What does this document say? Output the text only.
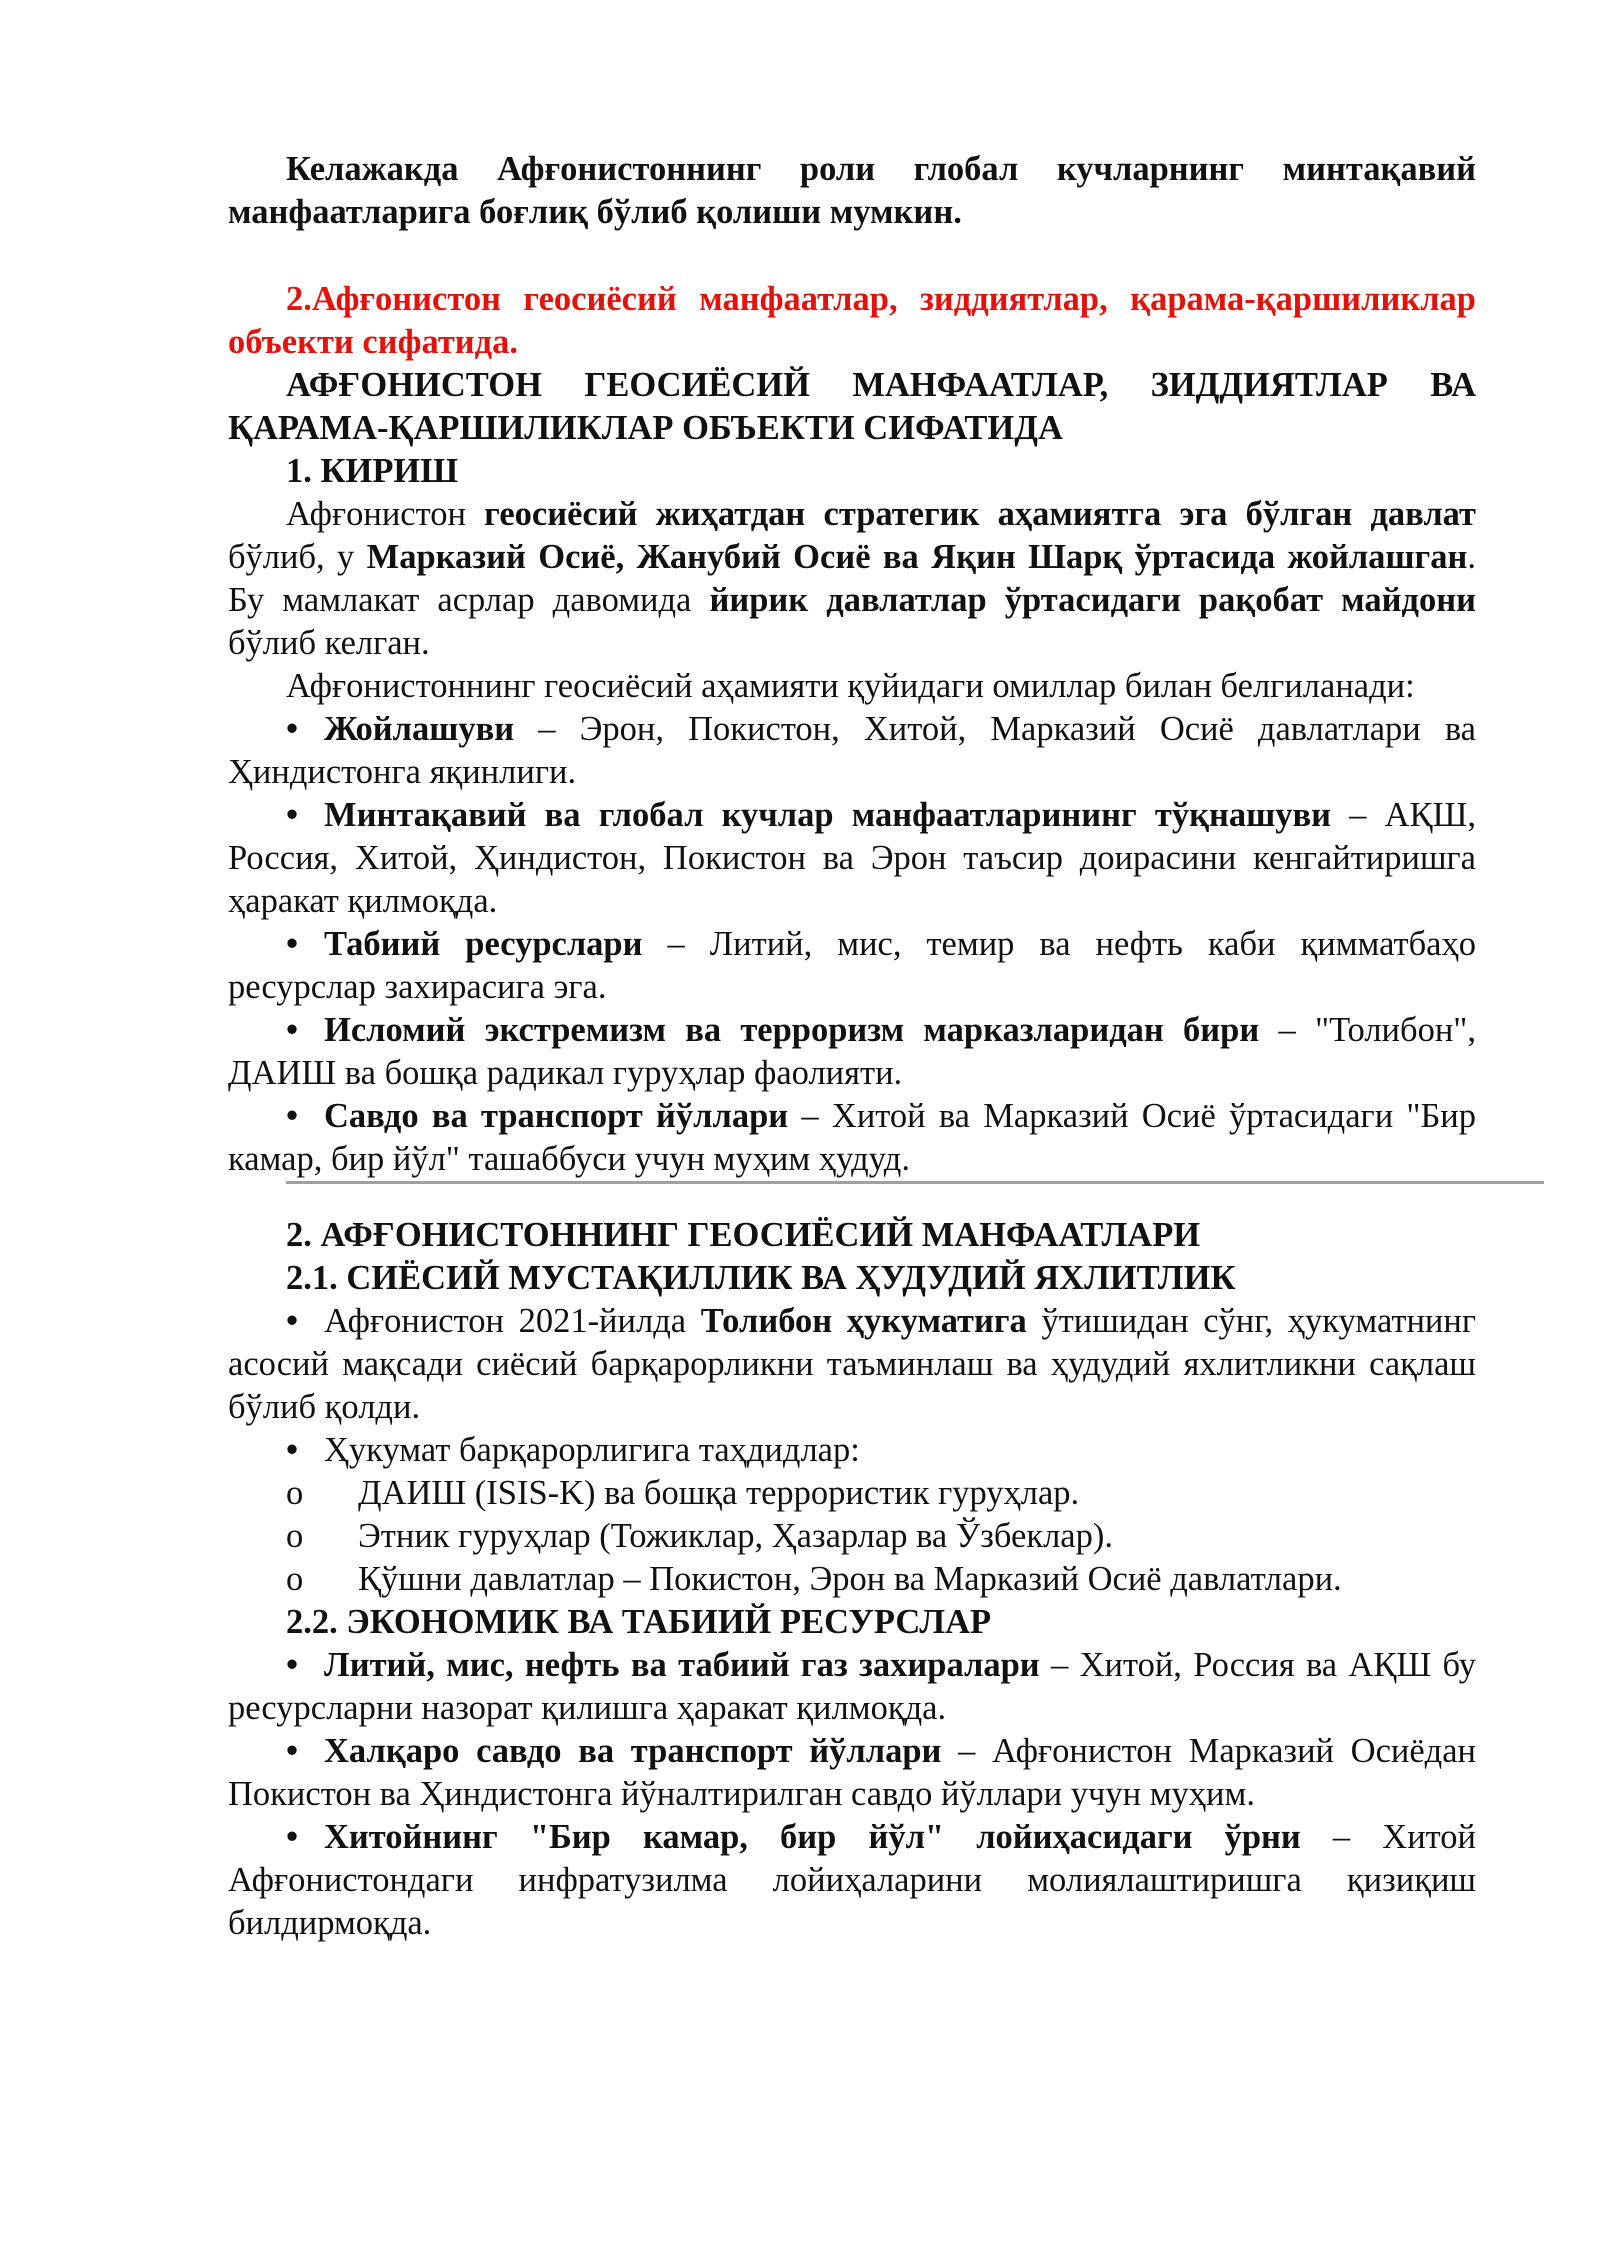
Келажакда Афғонистоннинг роли глобал кучларнинг минтақавий манфаатларига боғлиқ бўлиб қолиши мумкин.

2.Афғонистон геосиёсий манфаатлар, зиддиятлар, қарама-қаршиликлар объекти сифатида.

АФҒОНИСТОН ГЕОСИЁСИЙ МАНФААТЛАР, ЗИДДИЯТЛАР ВА ҚАРАМА-ҚАРШИЛИКЛАР ОБЪЕКТИ СИФАТИДА

1. КИРИШ

Афғонистон геосиёсий жиҳатдан стратегик аҳамиятга эга бўлган давлат бўлиб, у Марказий Осиё, Жанубий Осиё ва Яқин Шарқ ўртасида жойлашган. Бу мамлакат асрлар давомида йирик давлатлар ўртасидаги рақобат майдони бўлиб келган.

Афғонистоннинг геосиёсий аҳамияти қуйидаги омиллар билан белгиланади:

• Жойлашуви – Эрон, Покистон, Хитой, Марказий Осиё давлатлари ва Ҳиндистонга яқинлиги.

• Минтақавий ва глобал кучлар манфаатларининг тўқнашуви – АҚШ, Россия, Хитой, Ҳиндистон, Покистон ва Эрон таъсир доирасини кенгайтиришга ҳаракат қилмоқда.

• Табиий ресурслари – Литий, мис, темир ва нефть каби қимматбаҳо ресурслар захирасига эга.

• Исломий экстремизм ва терроризм марказларидан бири – "Толибон", ДАИШ ва бошқа радикал гуруҳлар фаолияти.

• Савдо ва транспорт йўллари – Хитой ва Марказий Осиё ўртасидаги "Бир камар, бир йўл" ташаббуси учун муҳим ҳудуд.

2. АФҒОНИСТОННИНГ ГЕОСИЁСИЙ МАНФААТЛАРИ

2.1. СИЁСИЙ МУСТАҚИЛЛИК ВА ҲУДУДИЙ ЯХЛИТЛИК

• Афғонистон 2021-йилда Толибон ҳукуматига ўтишидан сўнг, ҳукуматнинг асосий мақсади сиёсий барқарорликни таъминлаш ва ҳудудий яхлитликни сақлаш бўлиб қолди.

• Ҳукумат барқарорлигига таҳдидлар:

o ДАИШ (ISIS-K) ва бошқа террористик гуруҳлар.

o Этник гуруҳлар (Тожиклар, Ҳазарлар ва Ўзбеклар).

o Қўшни давлатлар – Покистон, Эрон ва Марказий Осиё давлатлари.

2.2. ЭКОНОМИК ВА ТАБИИЙ РЕСУРСЛАР

• Литий, мис, нефть ва табиий газ захиралари – Хитой, Россия ва АҚШ бу ресурсларни назорат қилишга ҳаракат қилмоқда.

• Халқаро савдо ва транспорт йўллари – Афғонистон Марказий Осиёдан Покистон ва Ҳиндистонга йўналтирилган савдо йўллари учун муҳим.

• Хитойнинг "Бир камар, бир йўл" лойиҳасидаги ўрни – Хитой Афғонистондаги инфратузилма лойиҳаларини молиялаштиришга қизиқиш билдирмоқда.
